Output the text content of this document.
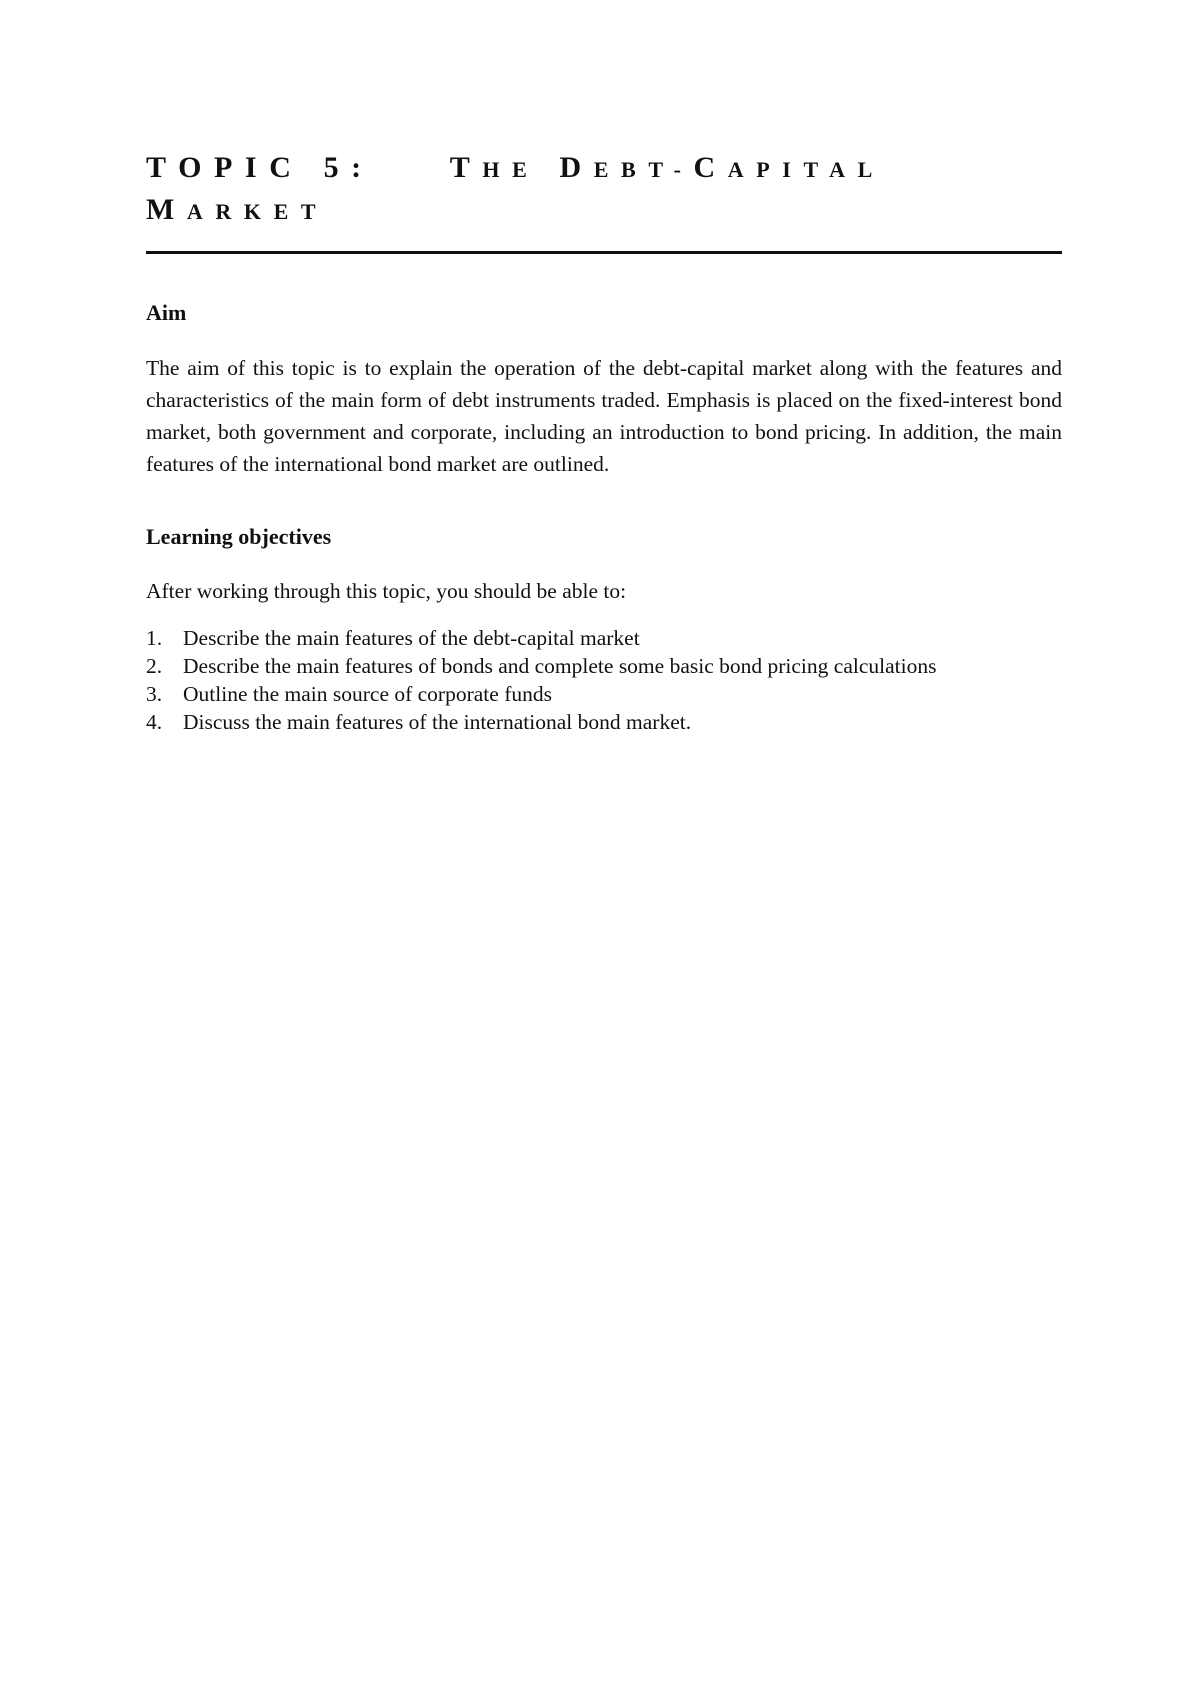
TOPIC 5:	THE DEBT-CAPITAL
MARKET
Aim

The aim of this topic is to explain the operation of the debt-capital market along with the features and characteristics of the main form of debt instruments traded. Emphasis is placed on the fixed-interest bond market, both government and corporate, including an introduction to bond pricing. In addition, the main features of the international bond market are outlined.

Learning objectives

After working through this topic, you should be able to:

1. Describe the main features of the debt-capital market
2. Describe the main features of bonds and complete some basic bond pricing calculations
3. Outline the main source of corporate funds
4. Discuss the main features of the international bond market.
